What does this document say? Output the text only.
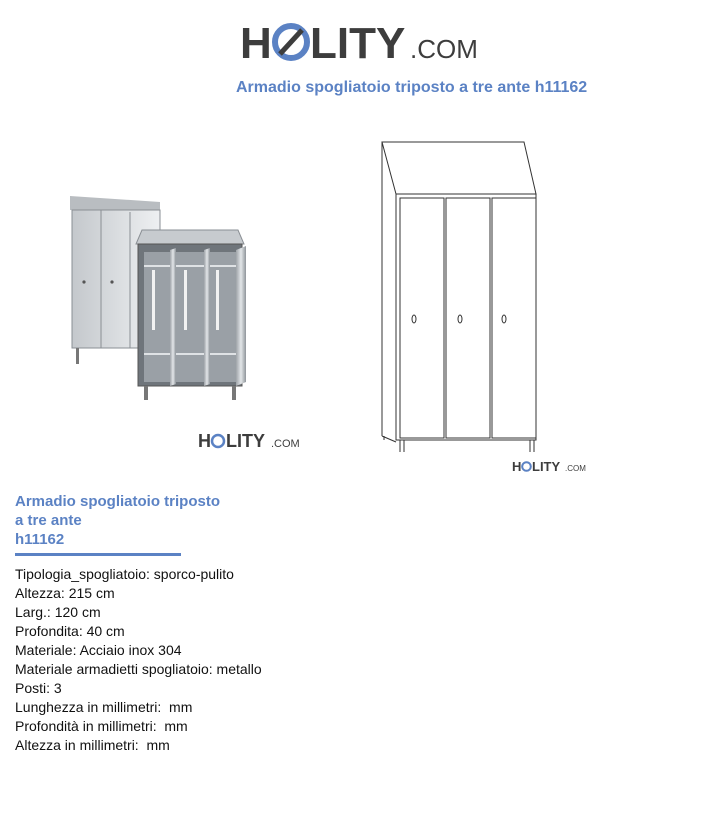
H LITY .COM
Armadio spogliatoio triposto a tre ante h11162
H LITY .COM
H LITY .COM
Armadio spogliatoio triposto
a tre ante
h11162
Tipologia_spogliatoio: sporco-pulito
Altezza: 215 cm
Larg.: 120 cm
Profondita: 40 cm
Materiale: Acciaio inox 304
Materiale armadietti spogliatoio: metallo
Posti: 3
Lunghezza in millimetri:  mm
Profondità in millimetri:  mm
Altezza in millimetri:  mm
